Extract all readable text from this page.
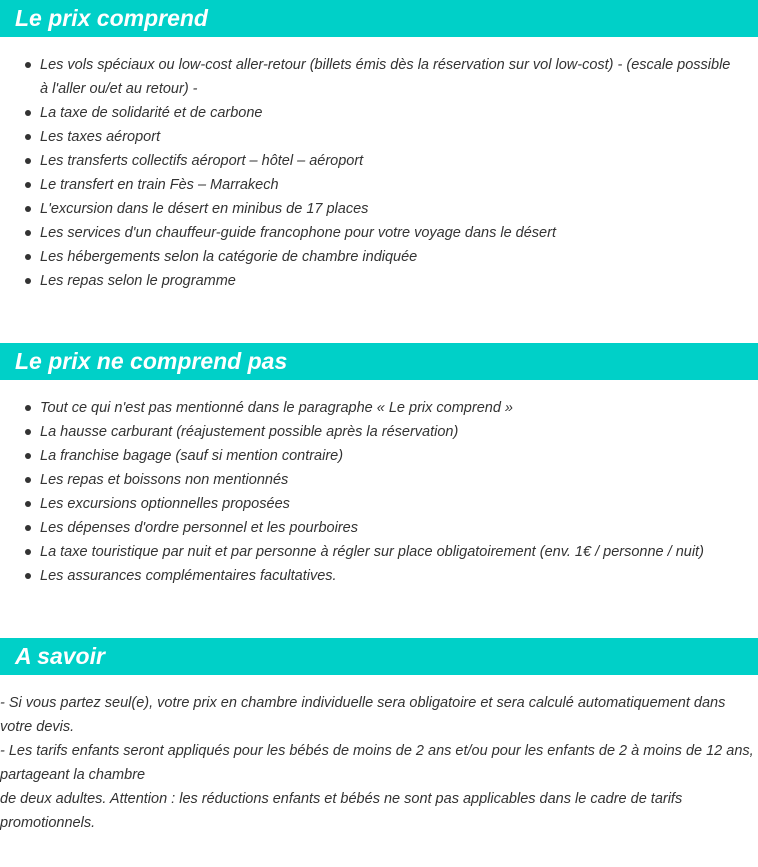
Le prix comprend
Les vols spéciaux ou low-cost aller-retour (billets émis dès la réservation sur vol low-cost) - (escale possible à l'aller ou/et au retour) -
La taxe de solidarité et de carbone
Les taxes aéroport
Les transferts collectifs aéroport – hôtel – aéroport
Le transfert en train Fès – Marrakech
L'excursion dans le désert en minibus de 17 places
Les services d'un chauffeur-guide francophone pour votre voyage dans le désert
Les hébergements selon la catégorie de chambre indiquée
Les repas selon le programme
Le prix ne comprend pas
Tout ce qui n'est pas mentionné dans le paragraphe « Le prix comprend »
La hausse carburant (réajustement possible après la réservation)
La franchise bagage (sauf si mention contraire)
Les repas et boissons non mentionnés
Les excursions optionnelles proposées
Les dépenses d'ordre personnel et les pourboires
La taxe touristique par nuit et par personne à régler sur place obligatoirement (env. 1€ / personne / nuit)
Les assurances complémentaires facultatives.
A savoir
- Si vous partez seul(e), votre prix en chambre individuelle sera obligatoire et sera calculé automatiquement dans votre devis.
- Les tarifs enfants seront appliqués pour les bébés de moins de 2 ans et/ou pour les enfants de 2 à moins de 12 ans, partageant la chambre
de deux adultes. Attention : les réductions enfants et bébés ne sont pas applicables dans le cadre de tarifs promotionnels.
